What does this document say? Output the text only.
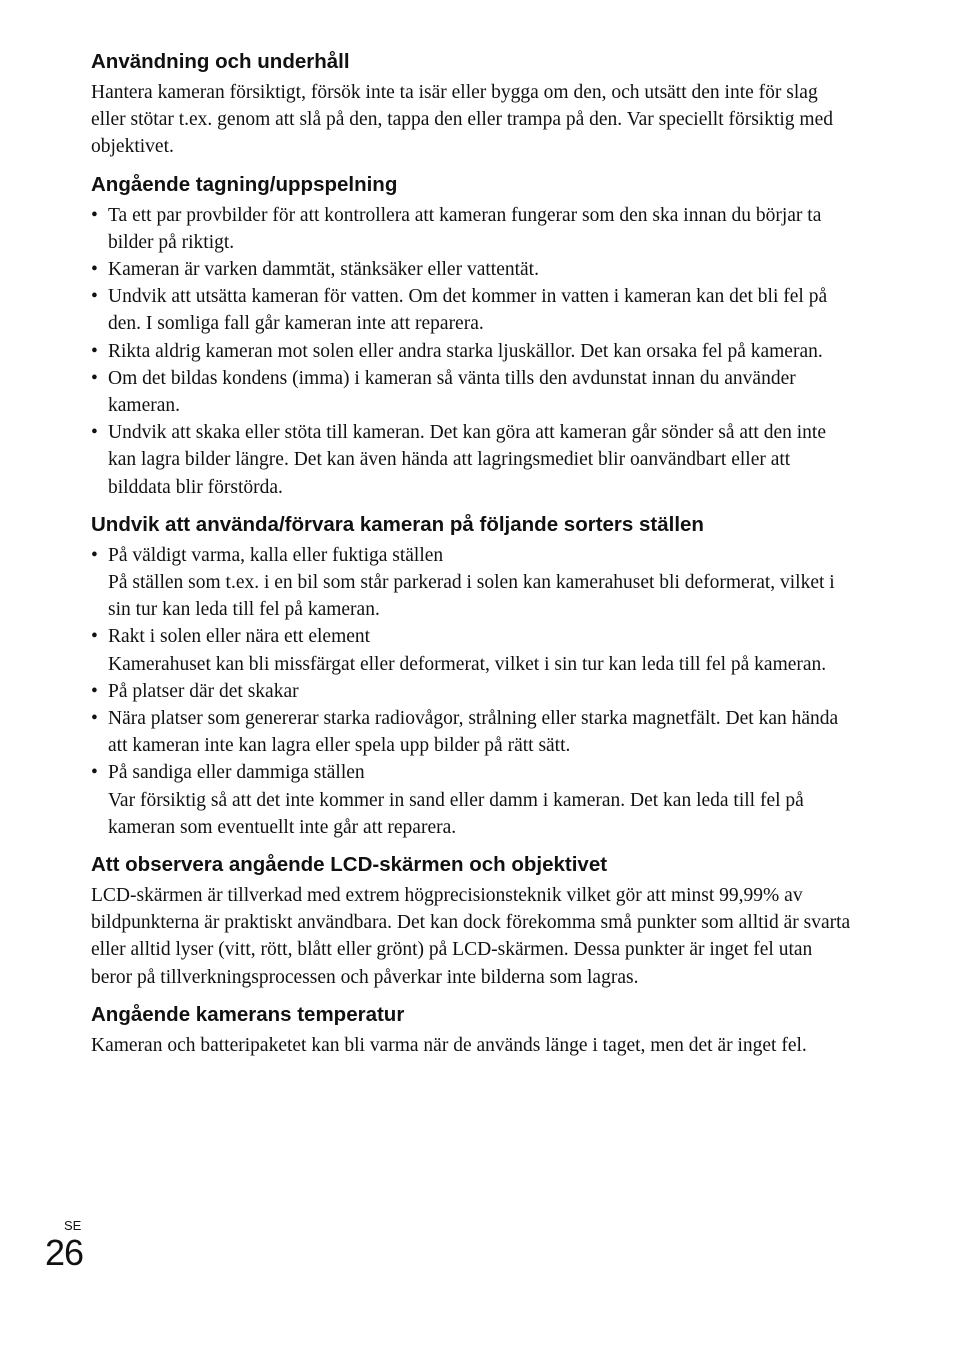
Användning och underhåll

Hantera kameran försiktigt, försök inte ta isär eller bygga om den, och utsätt den inte för slag eller stötar t.ex. genom att slå på den, tappa den eller trampa på den. Var speciellt försiktig med objektivet.

Angående tagning/uppspelning
• Ta ett par provbilder för att kontrollera att kameran fungerar som den ska innan du börjar ta bilder på riktigt.
• Kameran är varken dammtät, stänksäker eller vattentät.
• Undvik att utsätta kameran för vatten. Om det kommer in vatten i kameran kan det bli fel på den. I somliga fall går kameran inte att reparera.
• Rikta aldrig kameran mot solen eller andra starka ljuskällor. Det kan orsaka fel på kameran.
• Om det bildas kondens (imma) i kameran så vänta tills den avdunstat innan du använder kameran.
• Undvik att skaka eller stöta till kameran. Det kan göra att kameran går sönder så att den inte kan lagra bilder längre. Det kan även hända att lagringsmediet blir oanvändbart eller att bilddata blir förstörda.
Undvik att använda/förvara kameran på följande sorters ställen
• På väldigt varma, kalla eller fuktiga ställen
På ställen som t.ex. i en bil som står parkerad i solen kan kamerahuset bli deformerat, vilket i sin tur kan leda till fel på kameran.
• Rakt i solen eller nära ett element
Kamerahuset kan bli missfärgat eller deformerat, vilket i sin tur kan leda till fel på kameran.
• På platser där det skakar
• Nära platser som genererar starka radiovågor, strålning eller starka magnetfält. Det kan hända att kameran inte kan lagra eller spela upp bilder på rätt sätt.
• På sandiga eller dammiga ställen
Var försiktig så att det inte kommer in sand eller damm i kameran. Det kan leda till fel på kameran som eventuellt inte går att reparera.
Att observera angående LCD-skärmen och objektivet

LCD-skärmen är tillverkad med extrem högprecisionsteknik vilket gör att minst 99,99% av bildpunkterna är praktiskt användbara. Det kan dock förekomma små punkter som alltid är svarta eller alltid lyser (vitt, rött, blått eller grönt) på LCD-skärmen. Dessa punkter är inget fel utan beror på tillverkningsprocessen och påverkar inte bilderna som lagras.

Angående kamerans temperatur

Kameran och batteripaketet kan bli varma när de används länge i taget, men det är inget fel.

SE
26
